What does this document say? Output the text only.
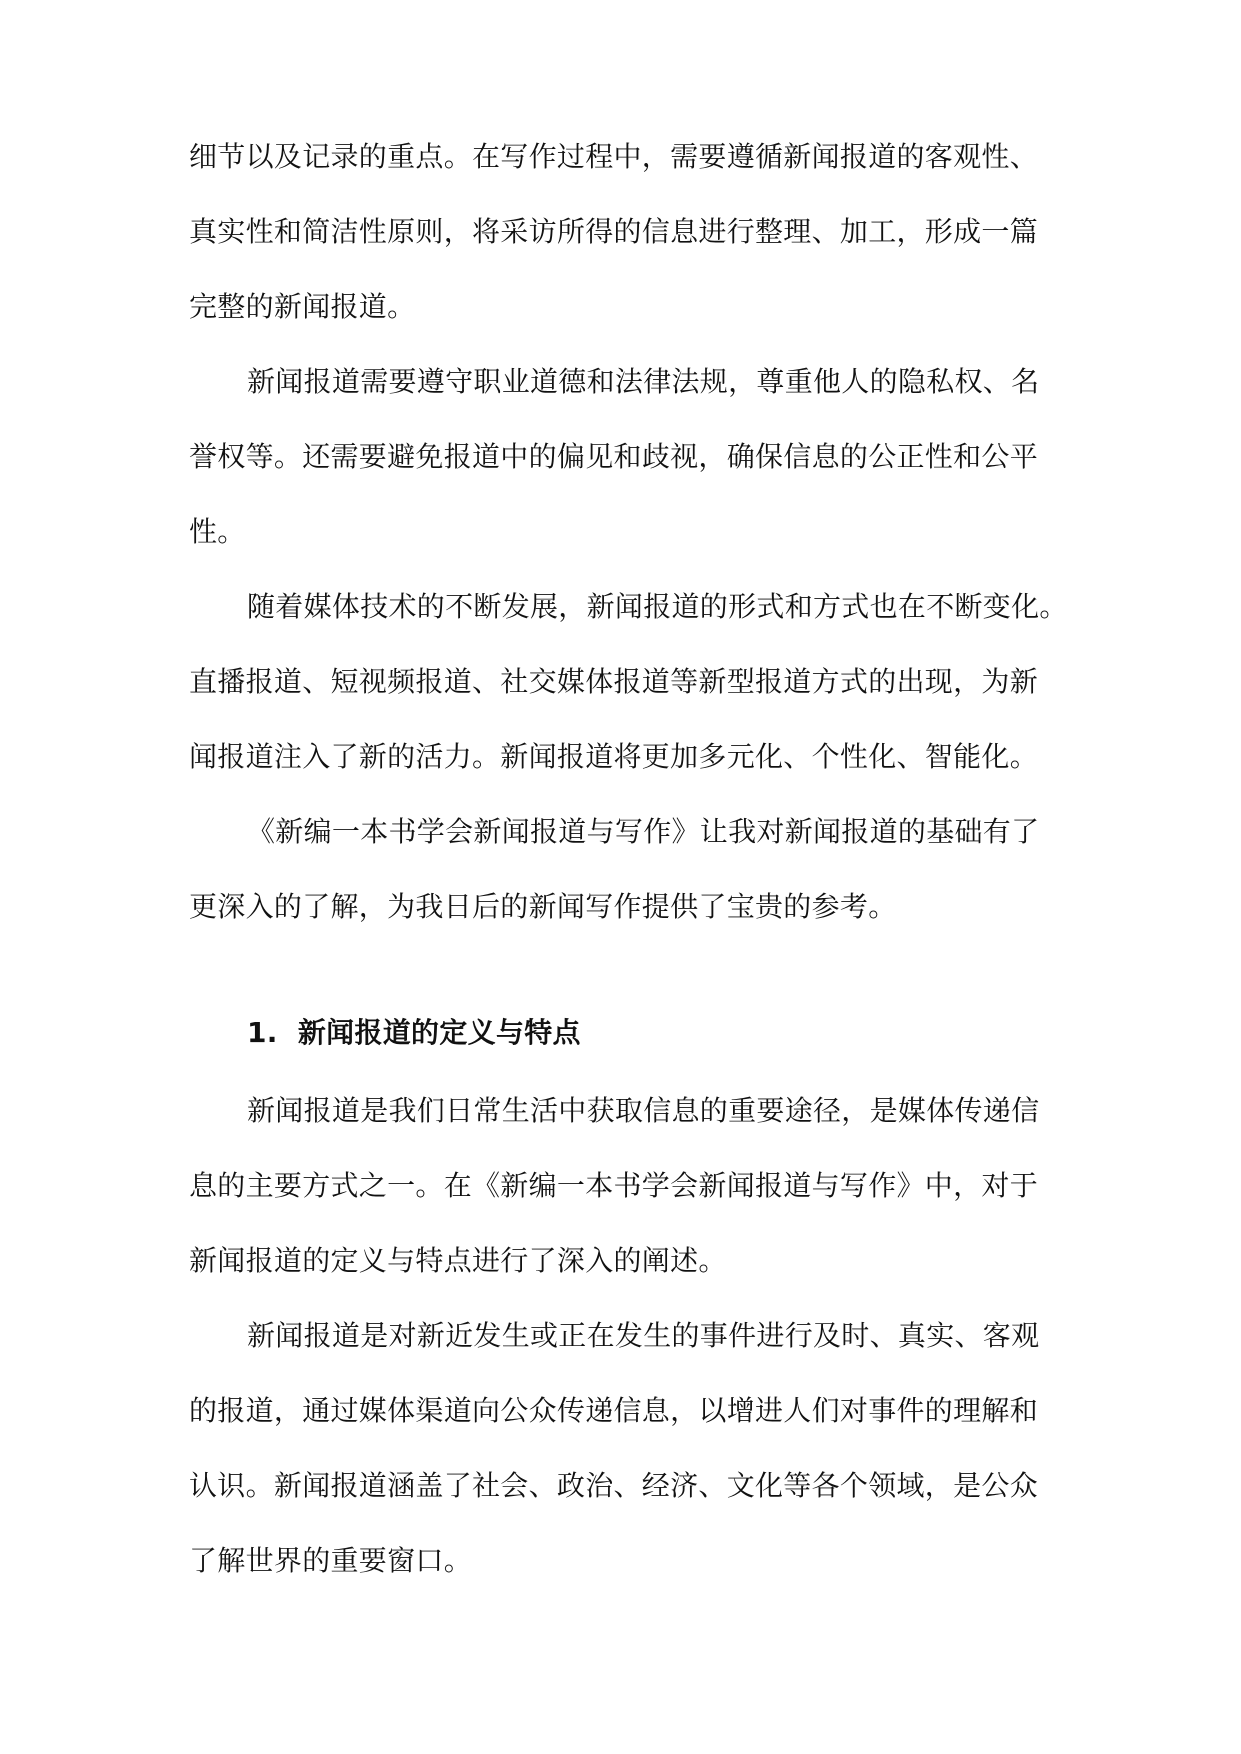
细节以及记录的重点。在写作过程中，需要遵循新闻报道的客观性、
真实性和简洁性原则，将采访所得的信息进行整理、加工，形成一篇
完整的新闻报道。
新闻报道需要遵守职业道德和法律法规，尊重他人的隐私权、名
誉权等。还需要避免报道中的偏见和歧视，确保信息的公正性和公平
性。
随着媒体技术的不断发展，新闻报道的形式和方式也在不断变化。
直播报道、短视频报道、社交媒体报道等新型报道方式的出现，为新
闻报道注入了新的活力。新闻报道将更加多元化、个性化、智能化。
《新编一本书学会新闻报道与写作》让我对新闻报道的基础有了
更深入的了解，为我日后的新闻写作提供了宝贵的参考。
1. 新闻报道的定义与特点
新闻报道是我们日常生活中获取信息的重要途径，是媒体传递信
息的主要方式之一。在《新编一本书学会新闻报道与写作》中，对于
新闻报道的定义与特点进行了深入的阐述。
新闻报道是对新近发生或正在发生的事件进行及时、真实、客观
的报道，通过媒体渠道向公众传递信息，以增进人们对事件的理解和
认识。新闻报道涵盖了社会、政治、经济、文化等各个领域，是公众
了解世界的重要窗口。
